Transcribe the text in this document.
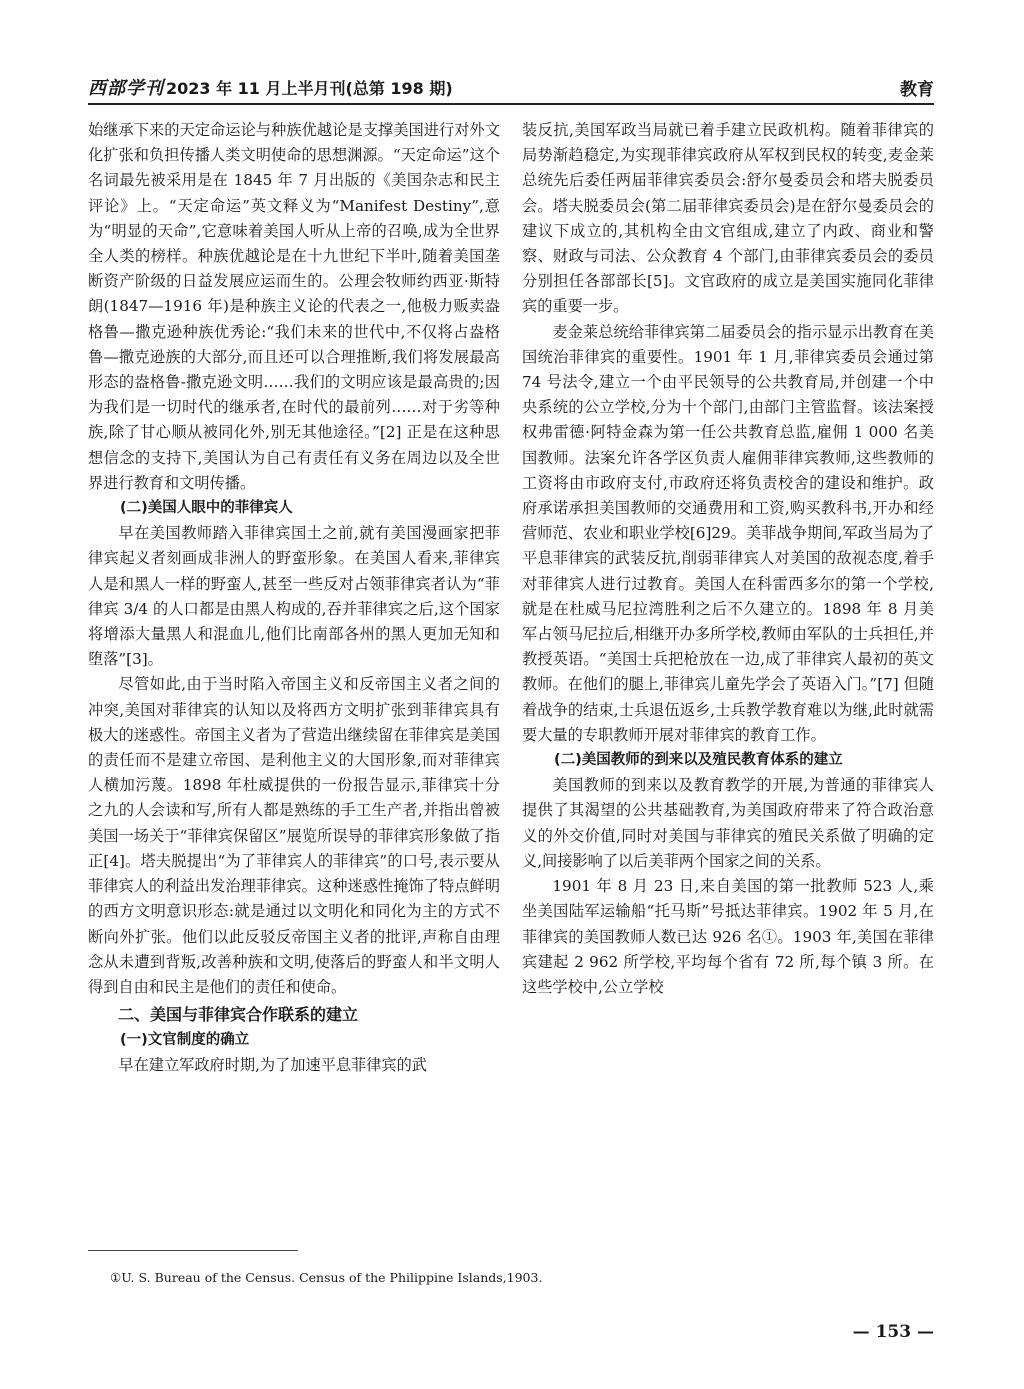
西部学刊 2023 年 11 月上半月刊(总第 198 期)	教育

始继承下来的天定命运论与种族优越论是支撑美国进行对外文化扩张和负担传播人类文明使命的思想渊源。“天定命运”这个名词最先被采用是在 1845 年 7 月出版的《美国杂志和民主评论》上。“天定命运”英文释义为“Manifest Destiny”,意为“明显的天命”,它意味着美国人听从上帝的召唤,成为全世界全人类的榜样。种族优越论是在十九世纪下半叶,随着美国垄断资产阶级的日益发展应运而生的。公理会牧师约西亚·斯特朗(1847—1916 年)是种族主义论的代表之一,他极力贩卖盎格鲁—撒克逊种族优秀论:“我们未来的世代中,不仅将占盎格鲁—撒克逊族的大部分,而且还可以合理推断,我们将发展最高形态的盎格鲁-撒克逊文明……我们的文明应该是最高贵的;因为我们是一切时代的继承者,在时代的最前列……对于劣等种族,除了甘心顺从被同化外,别无其他途径。”[2] 正是在这种思想信念的支持下,美国认为自己有责任有义务在周边以及全世界进行教育和文明传播。

(二)美国人眼中的菲律宾人

早在美国教师踏入菲律宾国土之前,就有美国漫画家把菲律宾起义者刻画成非洲人的野蛮形象。在美国人看来,菲律宾人是和黑人一样的野蛮人,甚至一些反对占领菲律宾者认为“菲律宾 3/4 的人口都是由黑人构成的,吞并菲律宾之后,这个国家将增添大量黑人和混血儿,他们比南部各州的黑人更加无知和堕落”[3]。

尽管如此,由于当时陷入帝国主义和反帝国主义者之间的冲突,美国对菲律宾的认知以及将西方文明扩张到菲律宾具有极大的迷惑性。帝国主义者为了营造出继续留在菲律宾是美国的责任而不是建立帝国、是利他主义的大国形象,而对菲律宾人横加污蔑。1898 年杜威提供的一份报告显示,菲律宾十分之九的人会读和写,所有人都是熟练的手工生产者,并指出曾被美国一场关于“菲律宾保留区”展览所误导的菲律宾形象做了指正[4]。塔夫脱提出“为了菲律宾人的菲律宾”的口号,表示要从菲律宾人的利益出发治理菲律宾。这种迷惑性掩饰了特点鲜明的西方文明意识形态:就是通过以文明化和同化为主的方式不断向外扩张。他们以此反驳反帝国主义者的批评,声称自由理念从未遭到背叛,改善种族和文明,使落后的野蛮人和半文明人得到自由和民主是他们的责任和使命。

二、美国与菲律宾合作联系的建立
(一)文官制度的确立

早在建立军政府时期,为了加速平息菲律宾的武

装反抗,美国军政当局就已着手建立民政机构。随着菲律宾的局势渐趋稳定,为实现菲律宾政府从军权到民权的转变,麦金莱总统先后委任两届菲律宾委员会:舒尔曼委员会和塔夫脱委员会。塔夫脱委员会(第二届菲律宾委员会)是在舒尔曼委员会的建议下成立的,其机构全由文官组成,建立了内政、商业和警察、财政与司法、公众教育 4 个部门,由菲律宾委员会的委员分别担任各部部长[5]。文官政府的成立是美国实施同化菲律宾的重要一步。

麦金莱总统给菲律宾第二届委员会的指示显示出教育在美国统治菲律宾的重要性。1901 年 1 月,菲律宾委员会通过第 74 号法令,建立一个由平民领导的公共教育局,并创建一个中央系统的公立学校,分为十个部门,由部门主管监督。该法案授权弗雷德·阿特金森为第一任公共教育总监,雇佣 1 000 名美国教师。法案允许各学区负责人雇佣菲律宾教师,这些教师的工资将由市政府支付,市政府还将负责校舍的建设和维护。政府承诺承担美国教师的交通费用和工资,购买教科书,开办和经营师范、农业和职业学校[6]29。美菲战争期间,军政当局为了平息菲律宾的武装反抗,削弱菲律宾人对美国的敌视态度,着手对菲律宾人进行过教育。美国人在科雷西多尔的第一个学校,就是在杜威马尼拉湾胜利之后不久建立的。1898 年 8 月美军占领马尼拉后,相继开办多所学校,教师由军队的士兵担任,并教授英语。“美国士兵把枪放在一边,成了菲律宾人最初的英文教师。在他们的腿上,菲律宾儿童先学会了英语入门。”[7] 但随着战争的结束,士兵退伍返乡,士兵教学教育难以为继,此时就需要大量的专职教师开展对菲律宾的教育工作。

(二)美国教师的到来以及殖民教育体系的建立

美国教师的到来以及教育教学的开展,为普通的菲律宾人提供了其渴望的公共基础教育,为美国政府带来了符合政治意义的外交价值,同时对美国与菲律宾的殖民关系做了明确的定义,间接影响了以后美菲两个国家之间的关系。

1901 年 8 月 23 日,来自美国的第一批教师 523 人,乘坐美国陆军运输船“托马斯”号抵达菲律宾。1902 年 5 月,在菲律宾的美国教师人数已达 926 名①。1903 年,美国在菲律宾建起 2 962 所学校,平均每个省有 72 所,每个镇 3 所。在这些学校中,公立学校

①U. S. Bureau of the Census. Census of the Philippine Islands,1903.
— 153 —
